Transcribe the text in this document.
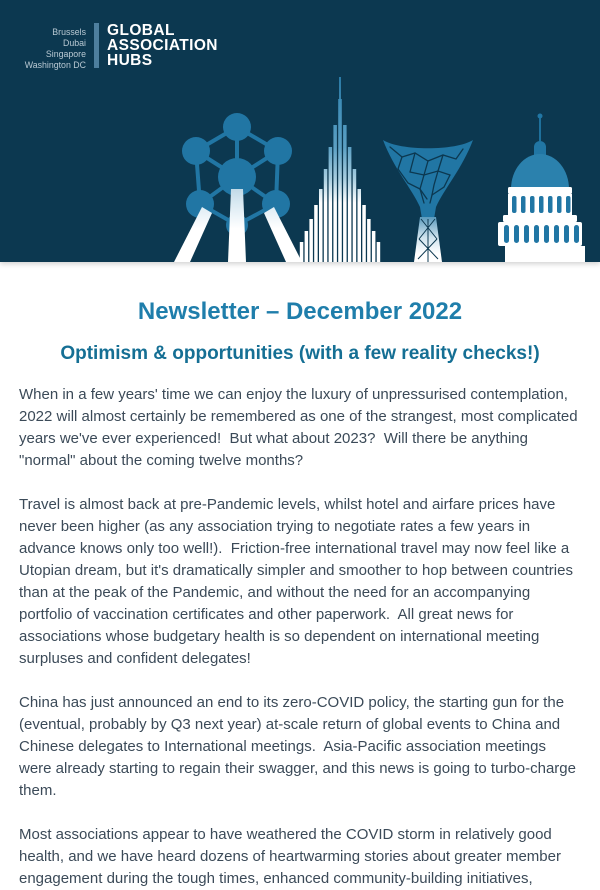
Brussels
Dubai
Singapore
Washington DC
GLOBAL
ASSOCIATION
HUBS
Newsletter – December 2022
Optimism & opportunities (with a few reality checks!)

When in a few years' time we can enjoy the luxury of unpressurised contemplation, 2022 will almost certainly be remembered as one of the strangest, most complicated years we've ever experienced!  But what about 2023?  Will there be anything "normal" about the coming twelve months?

Travel is almost back at pre-Pandemic levels, whilst hotel and airfare prices have never been higher (as any association trying to negotiate rates a few years in advance knows only too well!).  Friction-free international travel may now feel like a Utopian dream, but it's dramatically simpler and smoother to hop between countries than at the peak of the Pandemic, and without the need for an accompanying portfolio of vaccination certificates and other paperwork.  All great news for associations whose budgetary health is so dependent on international meeting surpluses and confident delegates!

China has just announced an end to its zero-COVID policy, the starting gun for the (eventual, probably by Q3 next year) at-scale return of global events to China and Chinese delegates to International meetings.  Asia-Pacific association meetings were already starting to regain their swagger, and this news is going to turbo-charge them.

Most associations appear to have weathered the COVID storm in relatively good health, and we have heard dozens of heartwarming stories about greater member engagement during the tough times, enhanced community-building initiatives,
